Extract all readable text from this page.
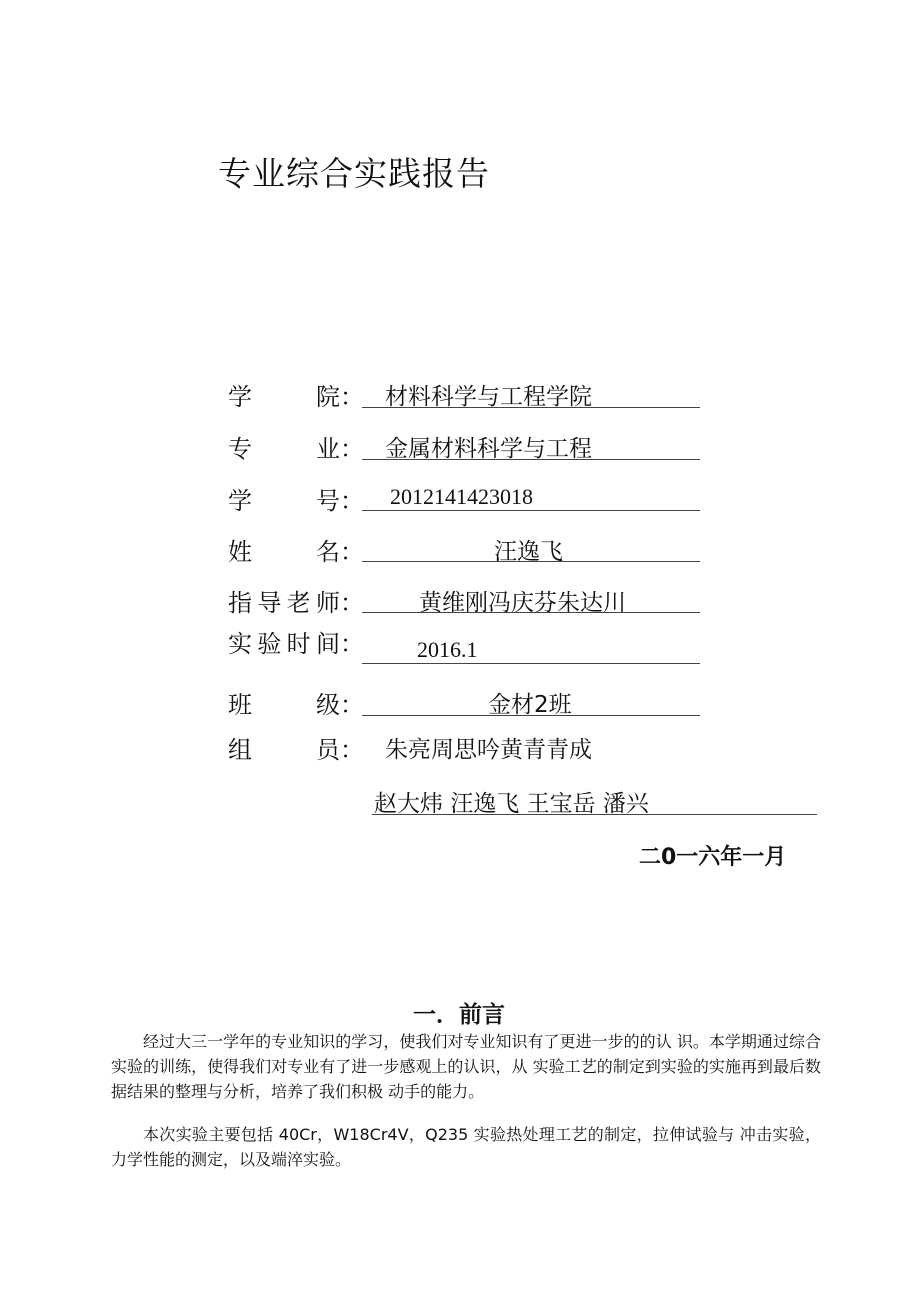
专业综合实践报告
学院： 材料科学与工程学院
专业： 金属材料科学与工程
学号： 2012141423018
姓名：	汪逸飞
指导老师： 黄维刚冯庆芬朱达川
实验时间： 2016.1
班级：	金材2班
组员： 朱亮周思吟黄青青成
赵大炜 汪逸飞 王宝岳 潘兴
二0一六年一月
一．前言

经过大三一学年的专业知识的学习，使我们对专业知识有了更进一步的的认 识。本学期通过综合实验的训练，使得我们对专业有了进一步感观上的认识，从 实验工艺的制定到实验的实施再到最后数据结果的整理与分析，培养了我们积极 动手的能力。

本次实验主要包括 40Cr，W18Cr4V，Q235 实验热处理工艺的制定，拉伸试验与 冲击实验，力学性能的测定，以及端淬实验。
